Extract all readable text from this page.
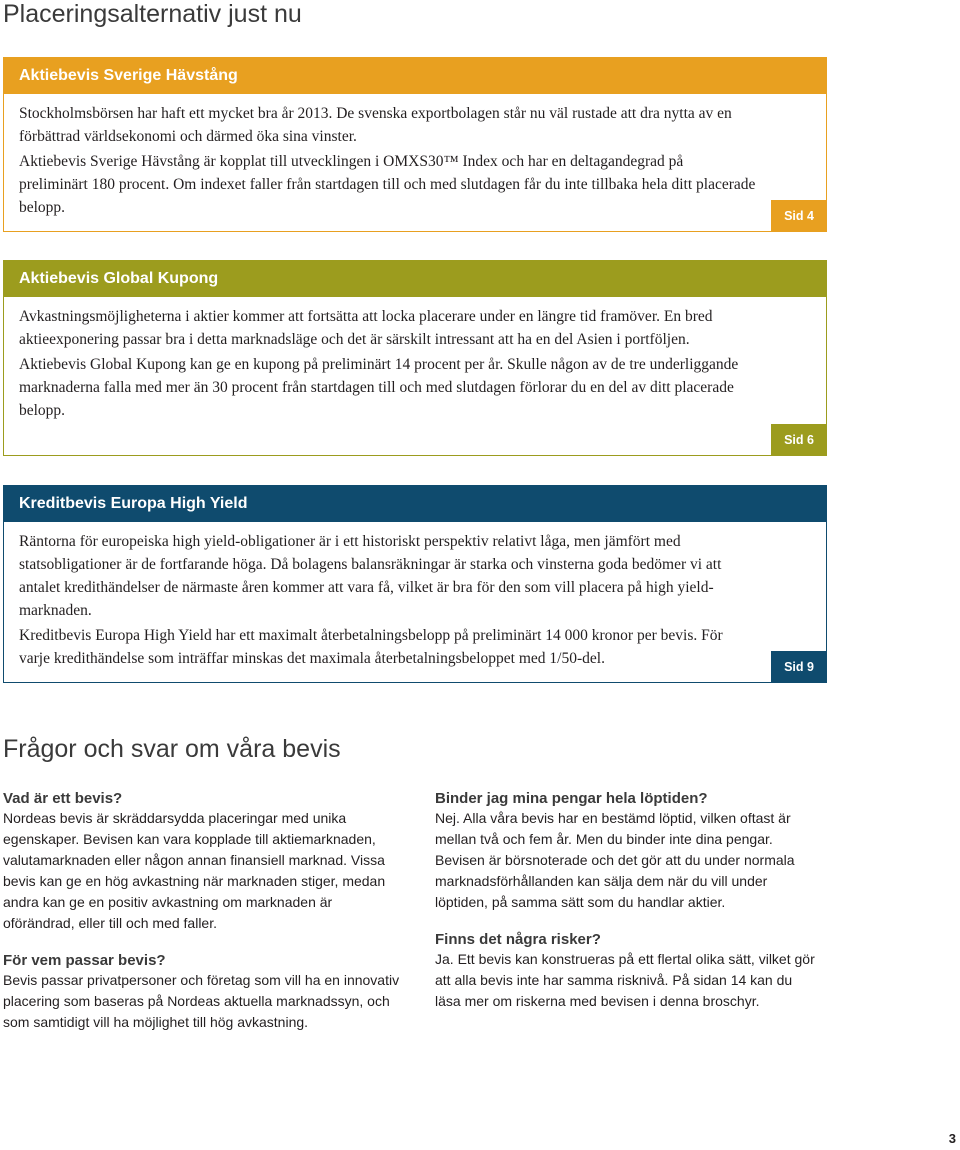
Placeringsalternativ just nu
Aktiebevis Sverige Hävstång

Stockholmsbörsen har haft ett mycket bra år 2013. De svenska exportbolagen står nu väl rustade att dra nytta av en förbättrad världsekonomi och därmed öka sina vinster.

Aktiebevis Sverige Hävstång är kopplat till utvecklingen i OMXS30™ Index och har en deltagandegrad på preliminärt 180 procent. Om indexet faller från startdagen till och med slutdagen får du inte tillbaka hela ditt placerade belopp.	Sid 4
Aktiebevis Global Kupong

Avkastningsmöjligheterna i aktier kommer att fortsätta att locka placerare under en längre tid framöver. En bred aktieexponering passar bra i detta marknadsläge och det är särskilt intressant att ha en del Asien i portföljen.

Aktiebevis Global Kupong kan ge en kupong på preliminärt 14 procent per år. Skulle någon av de tre underliggande marknaderna falla med mer än 30 procent från startdagen till och med slutdagen förlorar du en del av ditt placerade belopp.

Sid 6
Kreditbevis Europa High Yield

Räntorna för europeiska high yield-obligationer är i ett historiskt perspektiv relativt låga, men jämfört med statsobligationer är de fortfarande höga. Då bolagens balansräkningar är starka och vinsterna goda bedömer vi att antalet kredithändelser de närmaste åren kommer att vara få, vilket är bra för den som vill placera på high yield-marknaden.

Kreditbevis Europa High Yield har ett maximalt återbetalningsbelopp på preliminärt 14 000 kronor per bevis. För varje kredithändelse som inträffar minskas det maximala återbetalningsbeloppet med 1/50-del.	Sid 9
Frågor och svar om våra bevis

Vad är ett bevis?

Nordeas bevis är skräddarsydda placeringar med unika egenskaper. Bevisen kan vara kopplade till aktiemarknaden, valutamarknaden eller någon annan finansiell marknad. Vissa bevis kan ge en hög avkastning när marknaden stiger, medan andra kan ge en positiv avkastning om marknaden är oförändrad, eller till och med faller.

För vem passar bevis?

Bevis passar privatpersoner och företag som vill ha en innovativ placering som baseras på Nordeas aktuella marknadssyn, och som samtidigt vill ha möjlighet till hög avkastning.

Binder jag mina pengar hela löptiden?

Nej. Alla våra bevis har en bestämd löptid, vilken oftast är mellan två och fem år. Men du binder inte dina pengar. Bevisen är börsnoterade och det gör att du under normala marknadsförhållanden kan sälja dem när du vill under löptiden, på samma sätt som du handlar aktier.

Finns det några risker?

Ja. Ett bevis kan konstrueras på ett flertal olika sätt, vilket gör att alla bevis inte har samma risknivå. På sidan 14 kan du läsa mer om riskerna med bevisen i denna broschyr.

3
